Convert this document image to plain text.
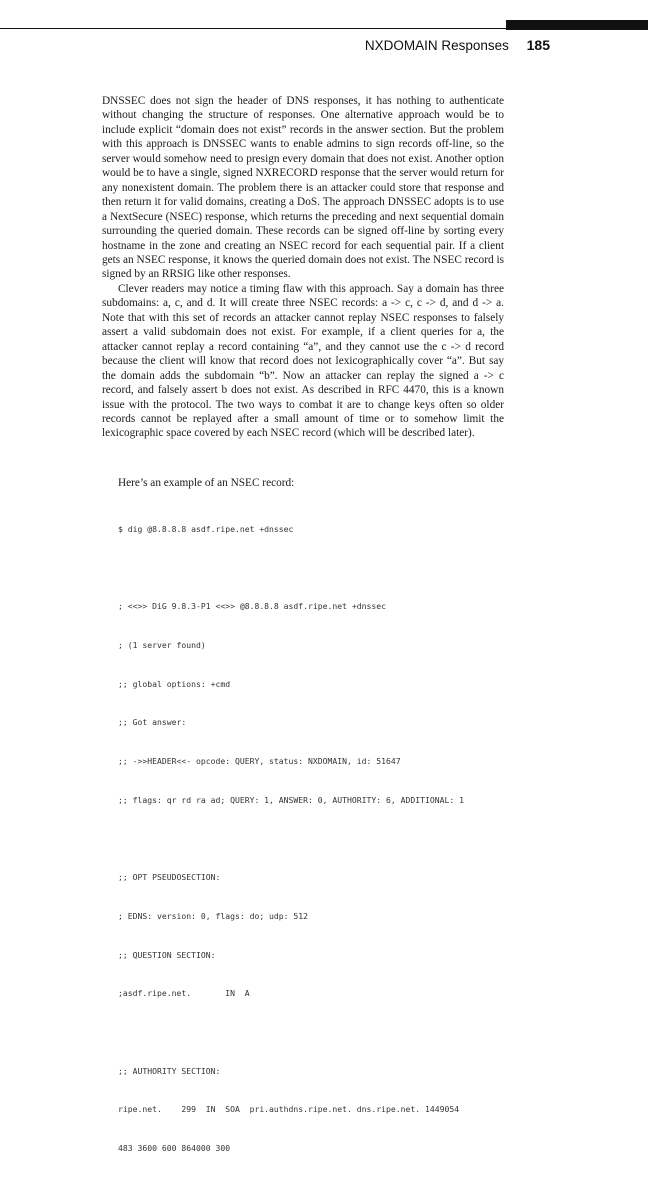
NXDOMAIN Responses 185

DNSSEC does not sign the header of DNS responses, it has nothing to authenticate without changing the structure of responses. One alternative approach would be to include explicit “domain does not exist” records in the answer section. But the problem with this approach is DNSSEC wants to enable admins to sign records off-line, so the server would somehow need to presign every domain that does not exist. Another option would be to have a single, signed NXRECORD response that the server would return for any nonexistent domain. The problem there is an attacker could store that response and then return it for valid domains, creating a DoS. The approach DNSSEC adopts is to use a NextSecure (NSEC) response, which returns the preceding and next sequential domain surrounding the queried domain. These records can be signed off-line by sorting every hostname in the zone and creating an NSEC record for each sequential pair. If a client gets an NSEC response, it knows the queried domain does not exist. The NSEC record is signed by an RRSIG like other responses.

Clever readers may notice a timing flaw with this approach. Say a domain has three subdomains: a, c, and d. It will create three NSEC records: a -> c, c -> d, and d -> a. Note that with this set of records an attacker cannot replay NSEC responses to falsely assert a valid subdomain does not exist. For example, if a client queries for a, the attacker cannot replay a record containing “a”, and they cannot use the c -> d record because the client will know that record does not lexicographically cover “a”. But say the domain adds the subdomain “b”. Now an attacker can replay the signed a -> c record, and falsely assert b does not exist. As described in RFC 4470, this is a known issue with the protocol. The two ways to combat it are to change keys often so older records cannot be replayed after a small amount of time or to somehow limit the lexicographic space covered by each NSEC record (which will be described later).

Here’s an example of an NSEC record:

$ dig @8.8.8.8 asdf.ripe.net +dnssec

; <<>> DiG 9.8.3-P1 <<>> @8.8.8.8 asdf.ripe.net +dnssec

; (1 server found)

;; global options: +cmd

;; Got answer:

;; ->>HEADER<<- opcode: QUERY, status: NXDOMAIN, id: 51647

;; flags: qr rd ra ad; QUERY: 1, ANSWER: 0, AUTHORITY: 6, ADDITIONAL: 1

;; OPT PSEUDOSECTION:

; EDNS: version: 0, flags: do; udp: 512

;; QUESTION SECTION:

;asdf.ripe.net.       IN  A

;; AUTHORITY SECTION:

ripe.net.    299  IN  SOA  pri.authdns.ripe.net. dns.ripe.net. 1449054

483 3600 600 864000 300
